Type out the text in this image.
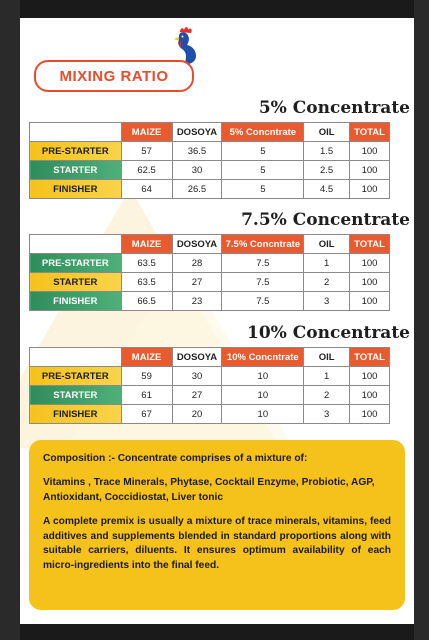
MIXING RATIO
5% Concentrate
	MAIZE	DOSOYA	5% Concntrate	OIL	TOTAL
PRE-STARTER	57	36.5	5	1.5	100
STARTER	62.5	30	5	2.5	100
FINISHER	64	26.5	5	4.5	100
7.5% Concentrate
	MAIZE	DOSOYA	7.5% Concntrate	OIL	TOTAL
PRE-STARTER	63.5	28	7.5	1	100
STARTER	63.5	27	7.5	2	100
FINISHER	66.5	23	7.5	3	100
10% Concentrate
	MAIZE	DOSOYA	10% Concntrate	OIL	TOTAL
PRE-STARTER	59	30	10	1	100
STARTER	61	27	10	2	100
FINISHER	67	20	10	3	100

Composition :- Concentrate comprises of a mixture of:

Vitamins , Trace Minerals, Phytase, Cocktail Enzyme, Probiotic, AGP, Antioxidant, Coccidiostat, Liver tonic

A complete premix is usually a mixture of trace minerals, vitamins, feed additives and supplements blended in standard proportions along with suitable carriers, diluents. It ensures optimum availability of each micro-ingredients into the final feed.
